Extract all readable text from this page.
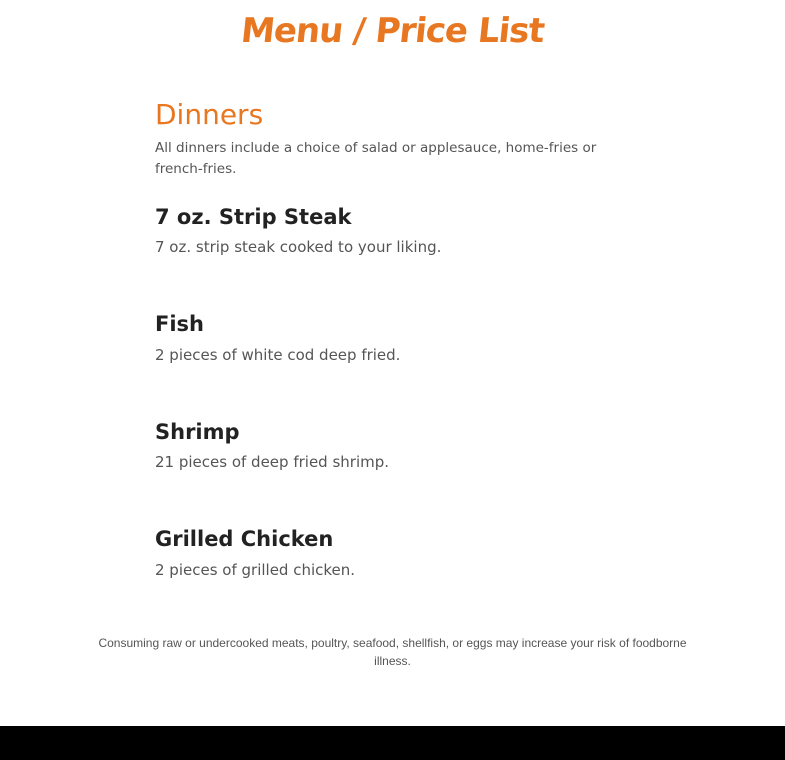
Menu / Price List
Dinners

All dinners include a choice of salad or applesauce, home-fries or french-fries.

7 oz. Strip Steak

7 oz. strip steak cooked to your liking.

Fish

2 pieces of white cod deep fried.

Shrimp

21 pieces of deep fried shrimp.

Grilled Chicken

2 pieces of grilled chicken.

Consuming raw or undercooked meats, poultry, seafood, shellfish, or eggs may increase your risk of foodborne illness.
